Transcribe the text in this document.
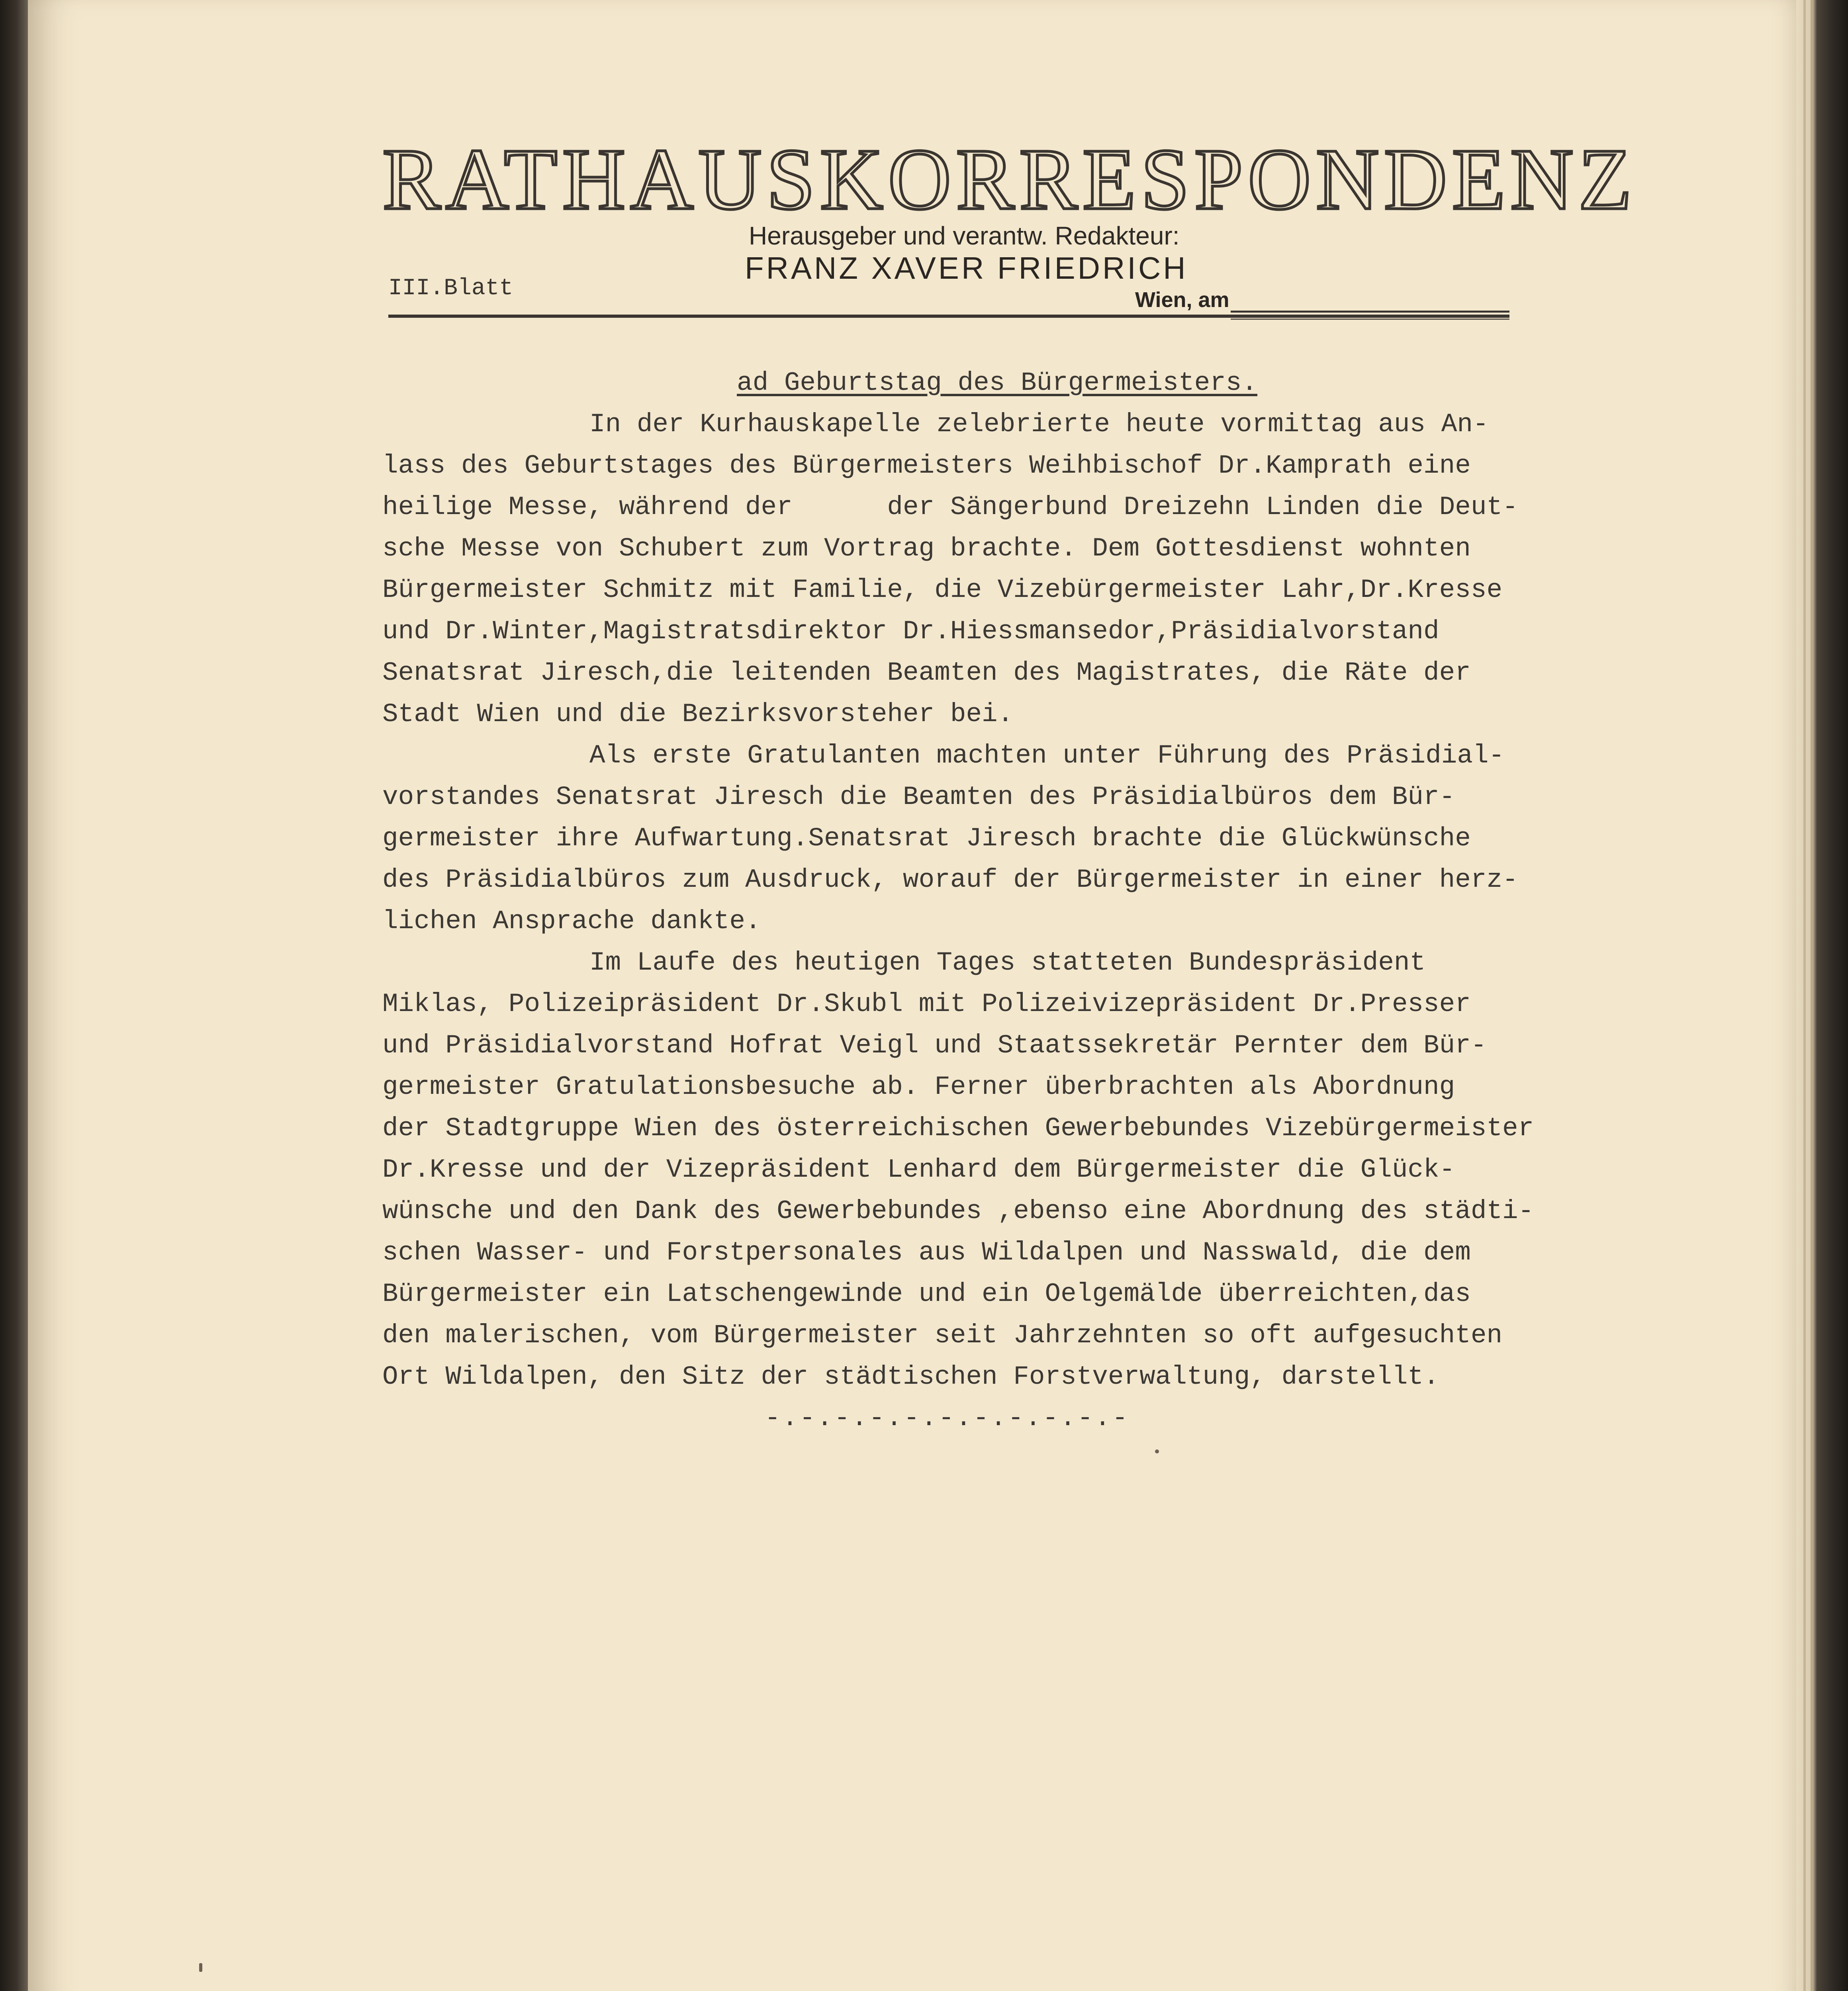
RATHAUSKORRESPONDENZ
Herausgeber und verantw. Redakteur:
FRANZ XAVER FRIEDRICH
III.Blatt	Wien, am

ad Geburtstag des Bürgermeisters.

In der Kurhauskapelle zelebrierte heute vormittag aus An-
lass des Geburtstages des Bürgermeisters Weihbischof Dr.Kamprath eine
heilige Messe, während der      der Sängerbund Dreizehn Linden die Deut-
sche Messe von Schubert zum Vortrag brachte. Dem Gottesdienst wohnten
Bürgermeister Schmitz mit Familie, die Vizebürgermeister Lahr,Dr.Kresse
und Dr.Winter,Magistratsdirektor Dr.Hiessmansedor,Präsidialvorstand
Senatsrat Jiresch,die leitenden Beamten des Magistrates, die Räte der
Stadt Wien und die Bezirksvorsteher bei.
Als erste Gratulanten machten unter Führung des Präsidial-
vorstandes Senatsrat Jiresch die Beamten des Präsidialbüros dem Bür-
germeister ihre Aufwartung.Senatsrat Jiresch brachte die Glückwünsche
des Präsidialbüros zum Ausdruck, worauf der Bürgermeister in einer herz-
lichen Ansprache dankte.
Im Laufe des heutigen Tages statteten Bundespräsident
Miklas, Polizeipräsident Dr.Skubl mit Polizeivizepräsident Dr.Presser
und Präsidialvorstand Hofrat Veigl und Staatssekretär Pernter dem Bür-
germeister Gratulationsbesuche ab. Ferner überbrachten als Abordnung
der Stadtgruppe Wien des österreichischen Gewerbebundes Vizebürgermeister
Dr.Kresse und der Vizepräsident Lenhard dem Bürgermeister die Glück-
wünsche und den Dank des Gewerbebundes ,ebenso eine Abordnung des städti-
schen Wasser- und Forstpersonales aus Wildalpen und Nasswald, die dem
Bürgermeister ein Latschengewinde und ein Oelgemälde überreichten,das
den malerischen, vom Bürgermeister seit Jahrzehnten so oft aufgesuchten
Ort Wildalpen, den Sitz der städtischen Forstverwaltung, darstellt.

-.-.-.-.-.-.-.-.-.-.-
